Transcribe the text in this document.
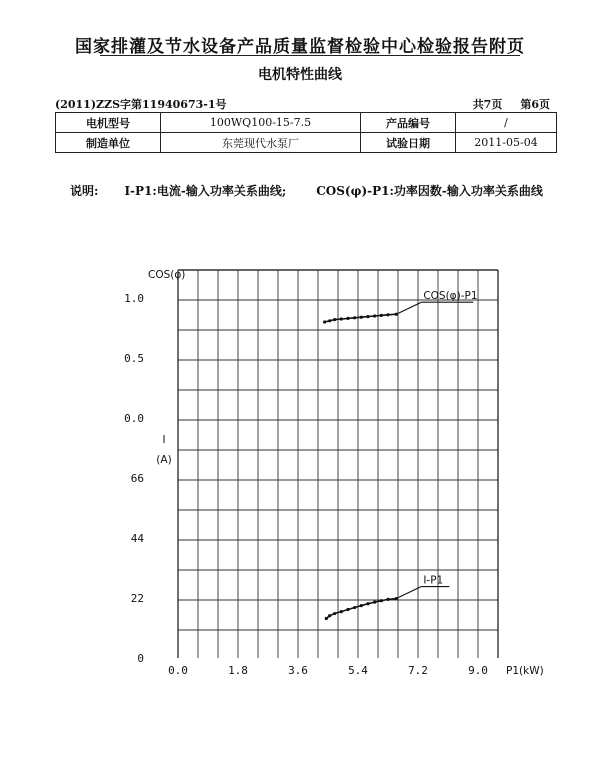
国家排灌及节水设备产品质量监督检验中心检验报告附页
电机特性曲线
(2011)ZZS字第11940673-1号	共7页 第6页
电机型号	100WQ100-15-7.5	产品编号	/
制造单位	东莞现代水泵厂	试验日期	2011-05-04
说明: I-P1:电流-输入功率关系曲线;	COS(φ)-P1:功率因数-输入功率关系曲线
0.0	1.8	3.6	5.4	7.2	9.0 P1(kW)
1.0
0.5
0.0
COS(φ)
66
44
22
0
I
(A)
COS(φ)-P1
I-P1
